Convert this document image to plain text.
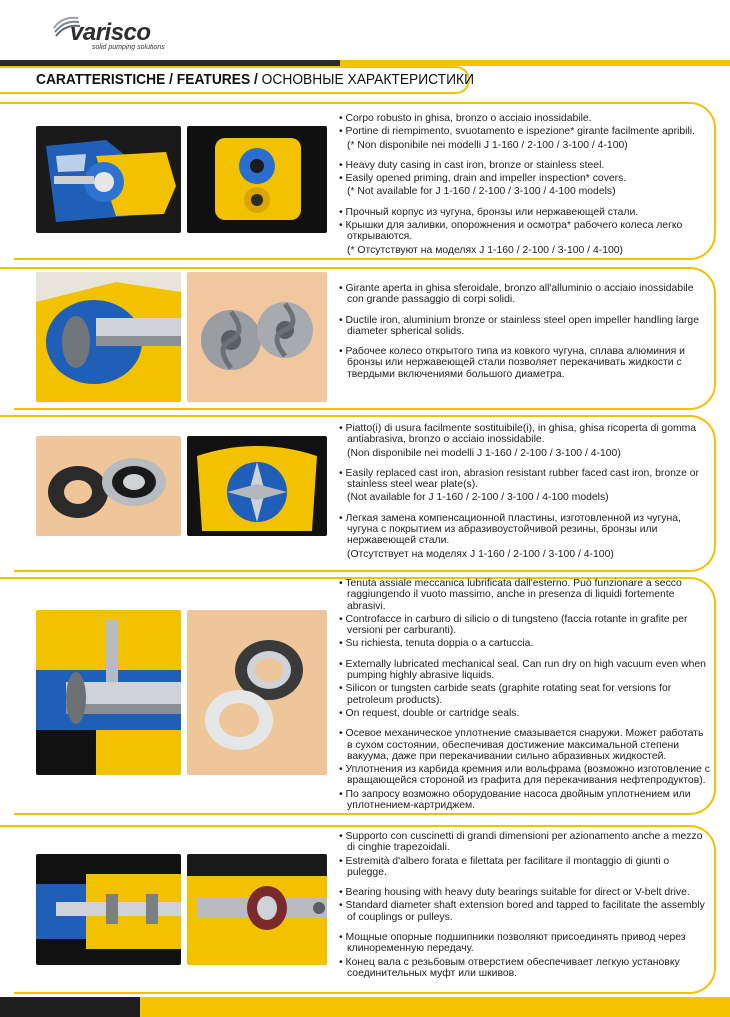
varisco
solid pumping solutions
CARATTERISTICHE / FEATURES / ОСНОВНЫЕ ХАРАКТЕРИСТИКИ

• Corpo robusto in ghisa, bronzo o acciaio inossidabile.

• Portine di riempimento, svuotamento e ispezione* girante facilmente apribili.

(* Non disponibile nei modelli J 1-160 / 2-100 / 3-100 / 4-100)

• Heavy duty casing in cast iron, bronze or stainless steel.

• Easily opened priming, drain and impeller inspection* covers.

(* Not available for J 1-160 / 2-100 / 3-100 / 4-100 models)

• Прочный корпус из чугуна, бронзы или нержавеющей стали.

• Крышки для заливки, опорожнения и осмотра* рабочего колеса легко открываются.

(* Отсутствуют на моделях J 1-160 / 2-100 / 3-100 / 4-100)

• Girante aperta in ghisa sferoidale, bronzo all'alluminio o acciaio inossidabile con grande passaggio di corpi solidi.

• Ductile iron, aluminium bronze or stainless steel open impeller handling large diameter spherical solids.

• Рабочее колесо открытого типа из ковкого чугуна, сплава алюминия и бронзы или нержавеющей стали позволяет перекачивать жидкости с твердыми включениями большого диаметра.

• Piatto(i) di usura facilmente sostituibile(i), in ghisa, ghisa ricoperta di gomma antiabrasiva, bronzo o acciaio inossidabile.

(Non disponibile nei modelli J 1-160 / 2-100 / 3-100 / 4-100)

• Easily replaced cast iron, abrasion resistant rubber faced cast iron, bronze or stainless steel wear plate(s).

(Not available for J 1-160 / 2-100 / 3-100 / 4-100 models)

• Легкая замена компенсационной пластины, изготовленной из чугуна, чугуна с покрытием из абразивоустойчивой резины, бронзы или нержавеющей стали.

(Отсутствует на моделях J 1-160 / 2-100 / 3-100 / 4-100)

• Tenuta assiale meccanica lubrificata dall'esterno. Può funzionare a secco raggiungendo il vuoto massimo, anche in presenza di liquidi fortemente abrasivi.

• Controfacce in carburo di silicio o di tungsteno (faccia rotante in grafite per versioni per carburanti).

• Su richiesta, tenuta doppia o a cartuccia.

• Externally lubricated mechanical seal. Can run dry on high vacuum even when pumping highly abrasive liquids.

• Silicon or tungsten carbide seats (graphite rotating seat for versions for petroleum products).

• On request, double or cartridge seals.

• Осевое механическое уплотнение смазывается снаружи. Может работать в сухом состоянии, обеспечивая достижение максимальной степени вакуума, даже при перекачивании сильно абразивных жидкостей.

• Уплотнения из карбида кремния или вольфрама (возможно изготовление с вращающейся стороной из графита для перекачивания нефтепродуктов).

• По запросу возможно оборудование насоса двойным уплотнением или уплотнением-картриджем.

• Supporto con cuscinetti di grandi dimensioni per azionamento anche a mezzo di cinghie trapezoidali.

• Estremità d'albero forata e filettata per facilitare il montaggio di giunti o pulegge.

• Bearing housing with heavy duty bearings suitable for direct or V-belt drive.

• Standard diameter shaft extension bored and tapped to facilitate the assembly of couplings or pulleys.

• Мощные опорные подшипники позволяют присоединять привод через клиноременную передачу.

• Конец вала с резьбовым отверстием обеспечивает легкую установку соединительных муфт или шкивов.
